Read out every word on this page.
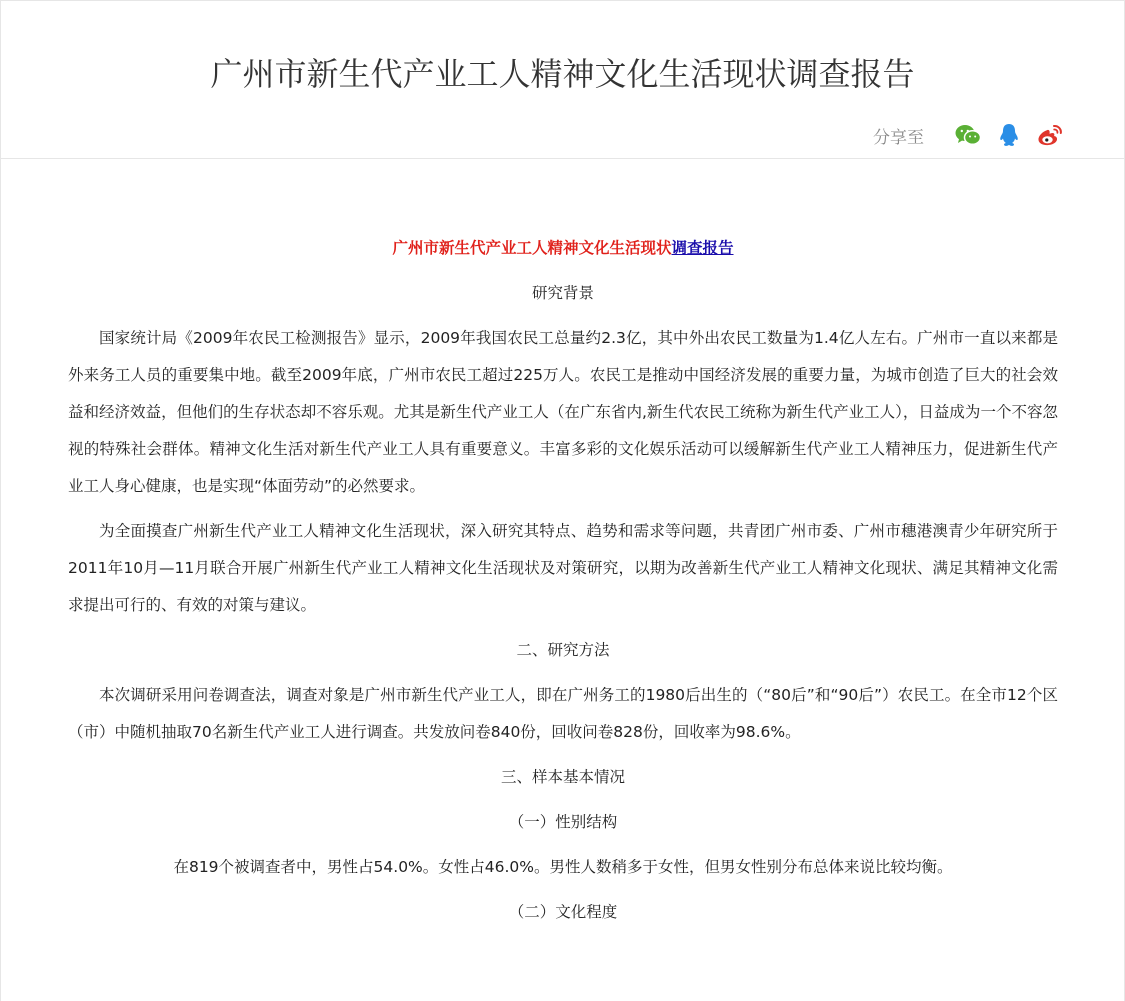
广州市新生代产业工人精神文化生活现状调查报告
分享至

广州市新生代产业工人精神文化生活现状调查报告

研究背景

国家统计局《2009年农民工检测报告》显示，2009年我国农民工总量约2.3亿，其中外出农民工数量为1.4亿人左右。广州市一直以来都是外来务工人员的重要集中地。截至2009年底，广州市农民工超过225万人。农民工是推动中国经济发展的重要力量，为城市创造了巨大的社会效益和经济效益，但他们的生存状态却不容乐观。尤其是新生代产业工人（在广东省内,新生代农民工统称为新生代产业工人），日益成为一个不容忽视的特殊社会群体。精神文化生活对新生代产业工人具有重要意义。丰富多彩的文化娱乐活动可以缓解新生代产业工人精神压力，促进新生代产业工人身心健康，也是实现“体面劳动”的必然要求。

为全面摸查广州新生代产业工人精神文化生活现状，深入研究其特点、趋势和需求等问题，共青团广州市委、广州市穗港澳青少年研究所于2011年10月—11月联合开展广州新生代产业工人精神文化生活现状及对策研究，以期为改善新生代产业工人精神文化现状、满足其精神文化需求提出可行的、有效的对策与建议。

二、研究方法

本次调研采用问卷调查法，调查对象是广州市新生代产业工人，即在广州务工的1980后出生的（“80后”和“90后”）农民工。在全市12个区（市）中随机抽取70名新生代产业工人进行调查。共发放问卷840份，回收问卷828份，回收率为98.6%。

三、样本基本情况

（一）性别结构

在819个被调查者中，男性占54.0%。女性占46.0%。男性人数稍多于女性，但男女性别分布总体来说比较均衡。

（二）文化程度
